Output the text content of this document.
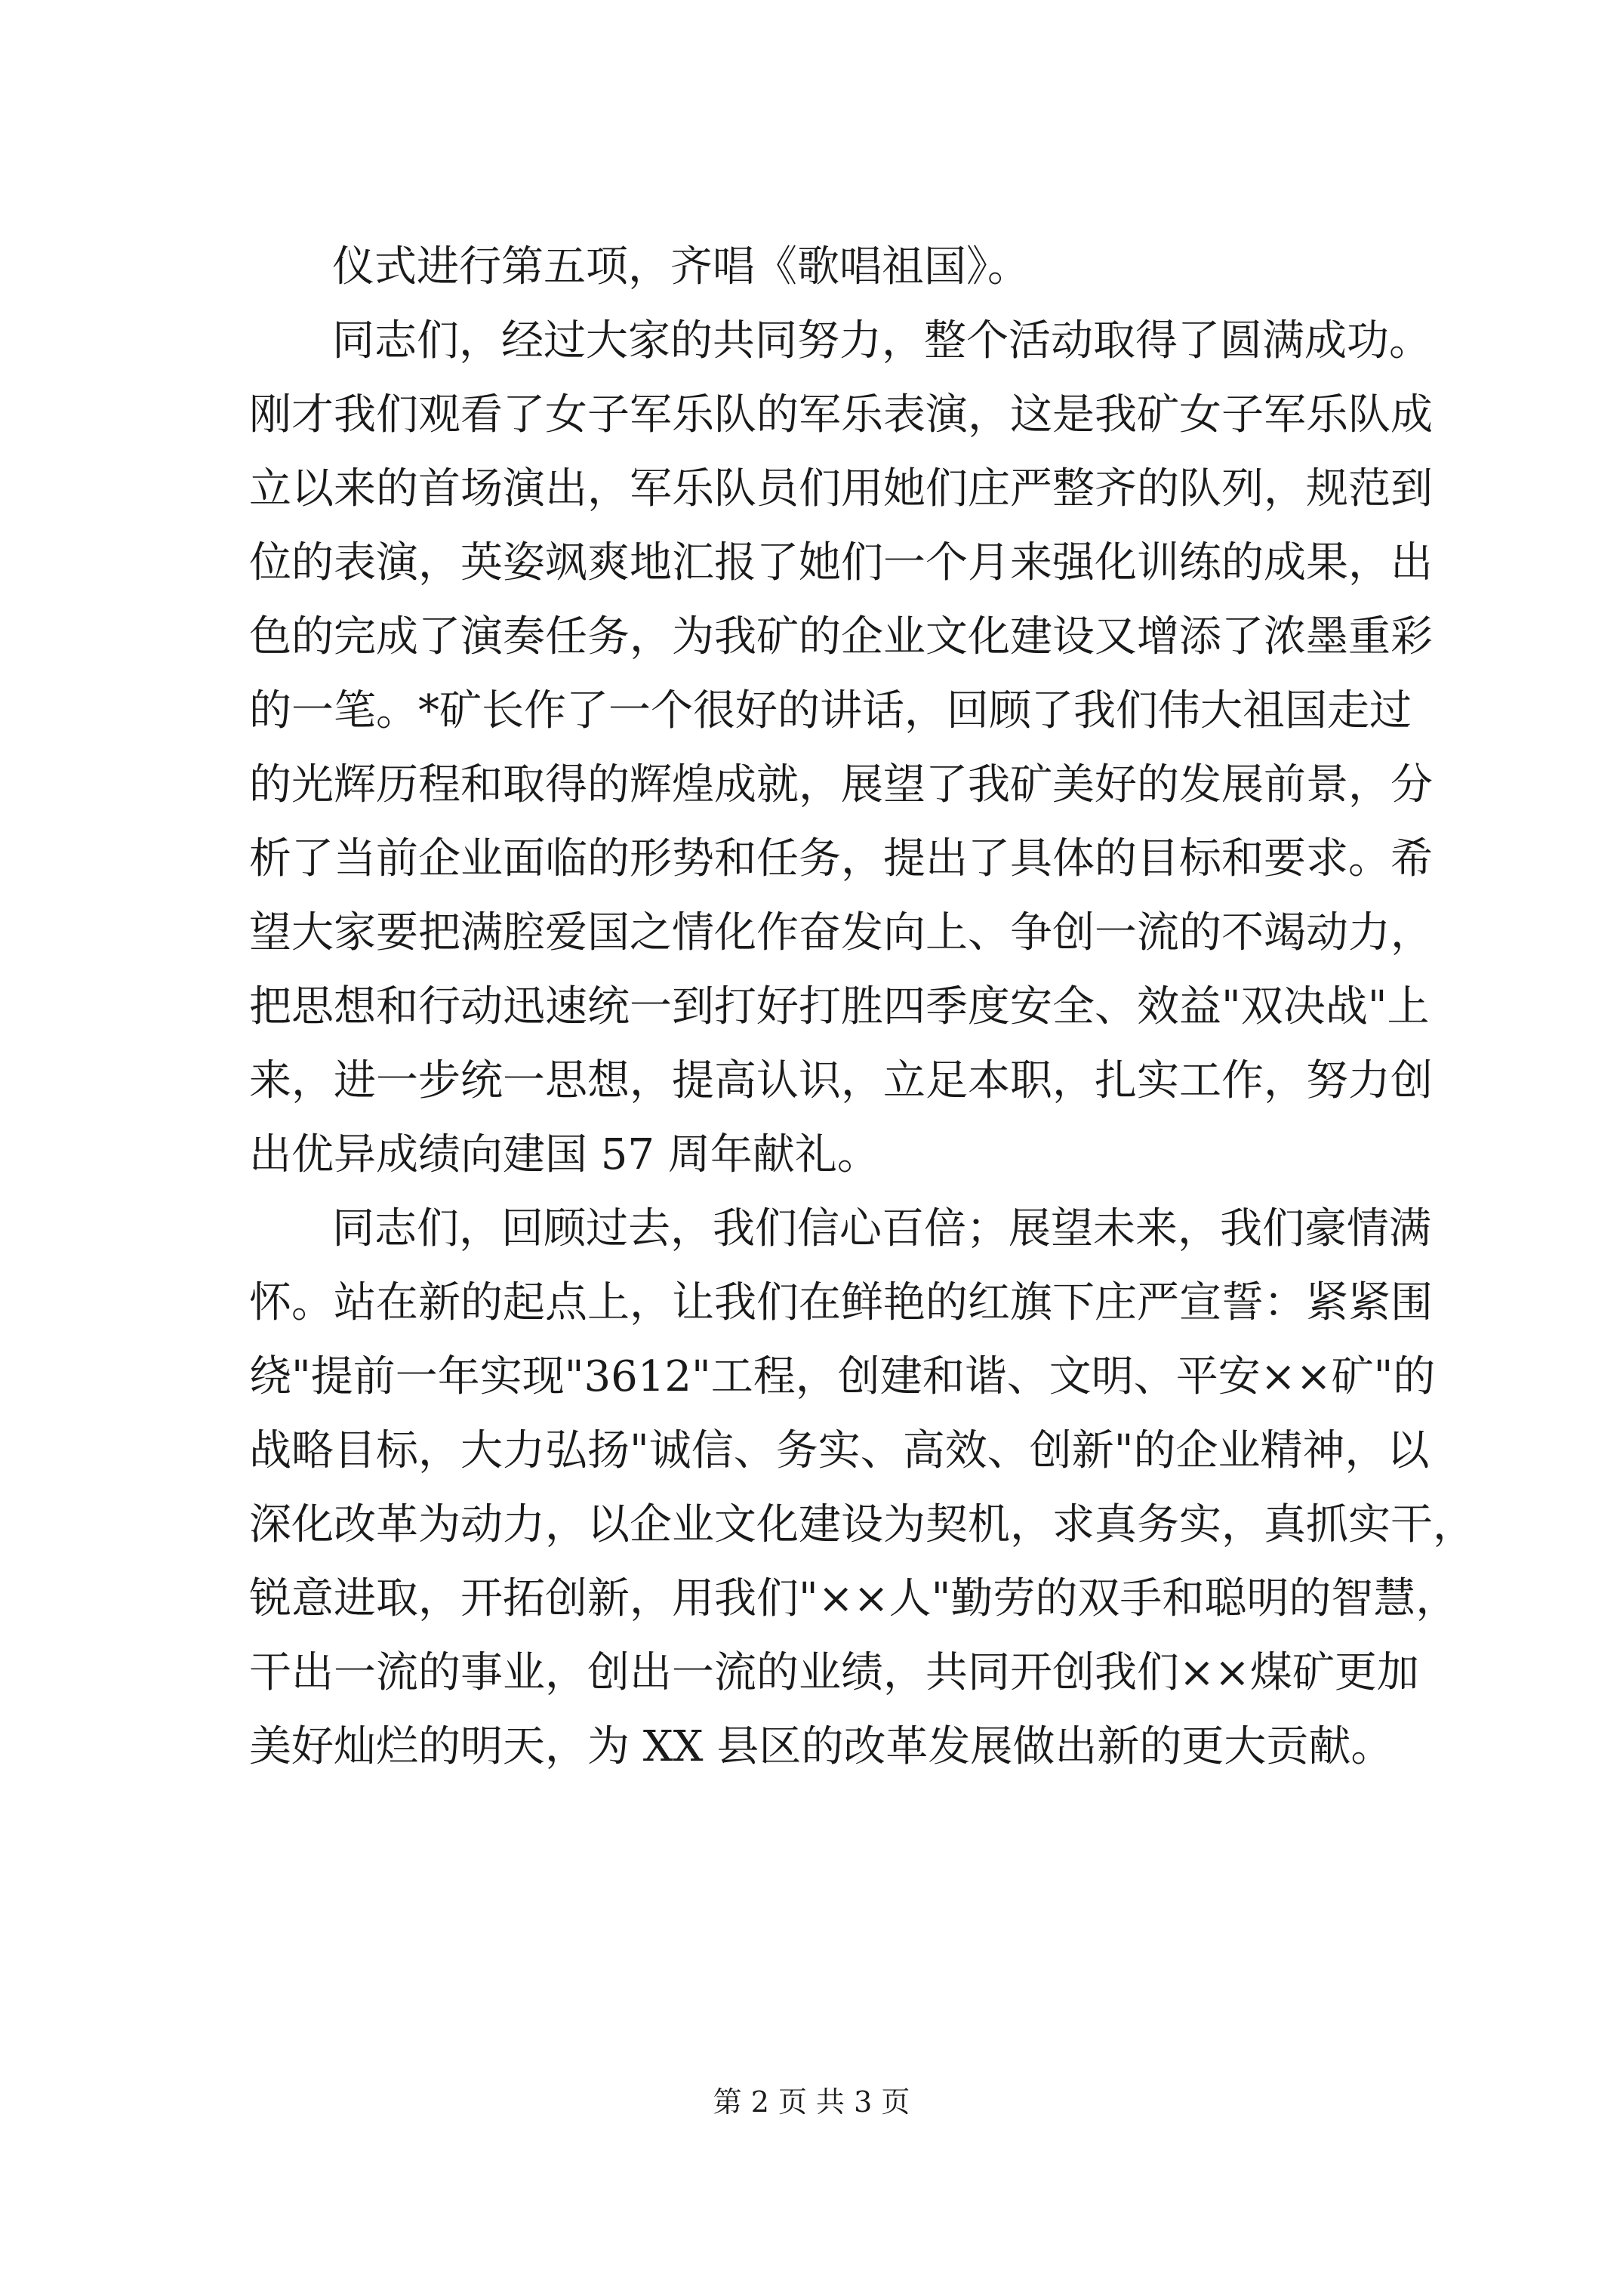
仪式进行第五项，齐唱《歌唱祖国》。

同志们，经过大家的共同努力，整个活动取得了圆满成功。
刚才我们观看了女子军乐队的军乐表演，这是我矿女子军乐队成
立以来的首场演出，军乐队员们用她们庄严整齐的队列，规范到
位的表演，英姿飒爽地汇报了她们一个月来强化训练的成果，出
色的完成了演奏任务，为我矿的企业文化建设又增添了浓墨重彩
的一笔。*矿长作了一个很好的讲话，回顾了我们伟大祖国走过
的光辉历程和取得的辉煌成就，展望了我矿美好的发展前景，分
析了当前企业面临的形势和任务，提出了具体的目标和要求。希
望大家要把满腔爱国之情化作奋发向上、争创一流的不竭动力，
把思想和行动迅速统一到打好打胜四季度安全、效益"双决战"上
来，进一步统一思想，提高认识，立足本职，扎实工作，努力创
出优异成绩向建国 57 周年献礼。

同志们，回顾过去，我们信心百倍；展望未来，我们豪情满
怀。站在新的起点上，让我们在鲜艳的红旗下庄严宣誓：紧紧围
绕"提前一年实现"3612"工程，创建和谐、文明、平安××矿"的
战略目标，大力弘扬"诚信、务实、高效、创新"的企业精神，以
深化改革为动力，以企业文化建设为契机，求真务实，真抓实干，
锐意进取，开拓创新，用我们"××人"勤劳的双手和聪明的智慧，
干出一流的事业，创出一流的业绩，共同开创我们××煤矿更加
美好灿烂的明天，为 XX 县区的改革发展做出新的更大贡献。

第 2 页 共 3 页
